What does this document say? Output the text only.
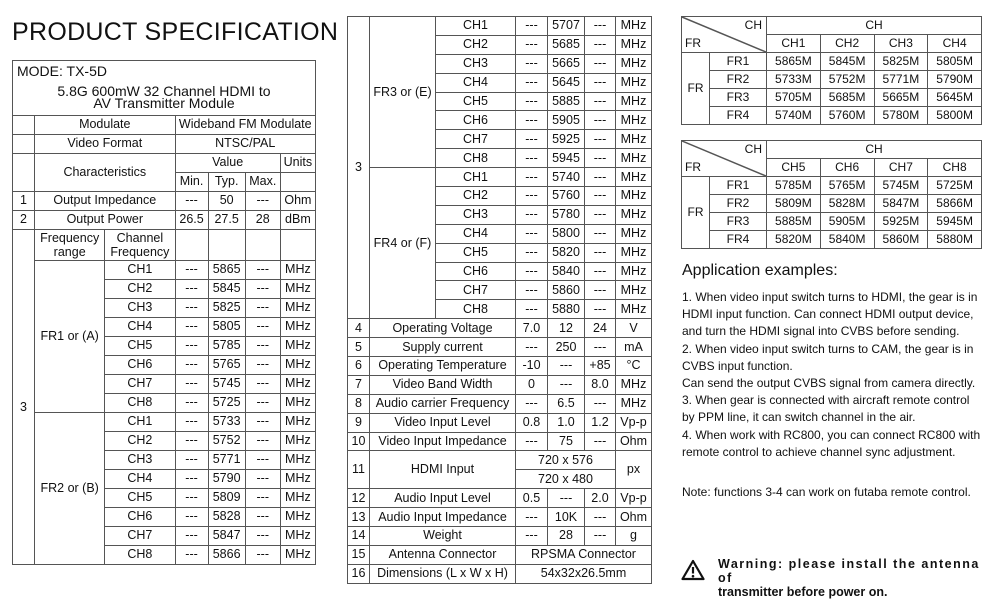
PRODUCT SPECIFICATION
MODE: TX-5D						

5.8G 600mW 32 Channel HDMI to
AV Transmitter Module						

	Modulate		Wideband FM Modulate			
	Video Format		NTSC/PAL			
	Characteristics		Value			Units
			Min.	Typ.	Max.	
1	Output Impedance		---	50	---	Ohm
2	Output Power		26.5	27.5	28	dBm
3	Frequency range	Channel Frequency				
	FR1 or (A)	CH1	---	5865	---	MHz
		CH2	---	5845	---	MHz
		CH3	---	5825	---	MHz
		CH4	---	5805	---	MHz
		CH5	---	5785	---	MHz
		CH6	---	5765	---	MHz
		CH7	---	5745	---	MHz
		CH8	---	5725	---	MHz
	FR2 or (B)	CH1	---	5733	---	MHz
		CH2	---	5752	---	MHz
		CH3	---	5771	---	MHz
		CH4	---	5790	---	MHz
		CH5	---	5809	---	MHz
		CH6	---	5828	---	MHz
		CH7	---	5847	---	MHz
		CH8	---	5866	---	MHz
3	FR3 or (E)	CH1	---	5707	---	MHz
		CH2	---	5685	---	MHz
		CH3	---	5665	---	MHz
		CH4	---	5645	---	MHz
		CH5	---	5885	---	MHz
		CH6	---	5905	---	MHz
		CH7	---	5925	---	MHz
		CH8	---	5945	---	MHz
	FR4 or (F)	CH1	---	5740	---	MHz
		CH2	---	5760	---	MHz
		CH3	---	5780	---	MHz
		CH4	---	5800	---	MHz
		CH5	---	5820	---	MHz
		CH6	---	5840	---	MHz
		CH7	---	5860	---	MHz
		CH8	---	5880	---	MHz
4	Operating Voltage		7.0	12	24	V
5	Supply current		---	250	---	mA
6	Operating Temperature		-10	---	+85	°C
7	Video Band Width		0	---	8.0	MHz
8	Audio carrier Frequency		---	6.5	---	MHz
9	Video Input Level		0.8	1.0	1.2	Vp-p
10	Video Input Impedance		---	75	---	Ohm
11	HDMI Input		720 x 576			px
			720 x 480			
12	Audio Input Level		0.5	---	2.0	Vp-p
13	Audio Input Impedance		---	10K	---	Ohm
14	Weight		---	28	---	g
15	Antenna Connector		RPSMA Connector			
16	Dimensions (L x W x H)		54x32x26.5mm			
CH
FR		CH			
		CH1	CH2	CH3	CH4
FR	FR1	5865M	5845M	5825M	5805M
	FR2	5733M	5752M	5771M	5790M
	FR3	5705M	5685M	5665M	5645M
	FR4	5740M	5760M	5780M	5800M
CH
FR		CH			
		CH5	CH6	CH7	CH8
FR	FR1	5785M	5765M	5745M	5725M
	FR2	5809M	5828M	5847M	5866M
	FR3	5885M	5905M	5925M	5945M
	FR4	5820M	5840M	5860M	5880M
Application examples:

1. When video input switch turns to HDMI, the gear is in HDMI input function. Can connect HDMI output device, and turn the HDMI signal into CVBS before sending.

2. When video input switch turns to CAM, the gear is in CVBS input function.

Can send the output CVBS signal from camera directly.

3. When gear is connected with aircraft remote control by PPM line, it can switch channel in the air.

4. When work with RC800, you can connect RC800 with remote control to achieve channel sync adjustment.

Note: functions 3-4 can work on futaba remote control.
Warning: please install the antenna of
transmitter before power on.
